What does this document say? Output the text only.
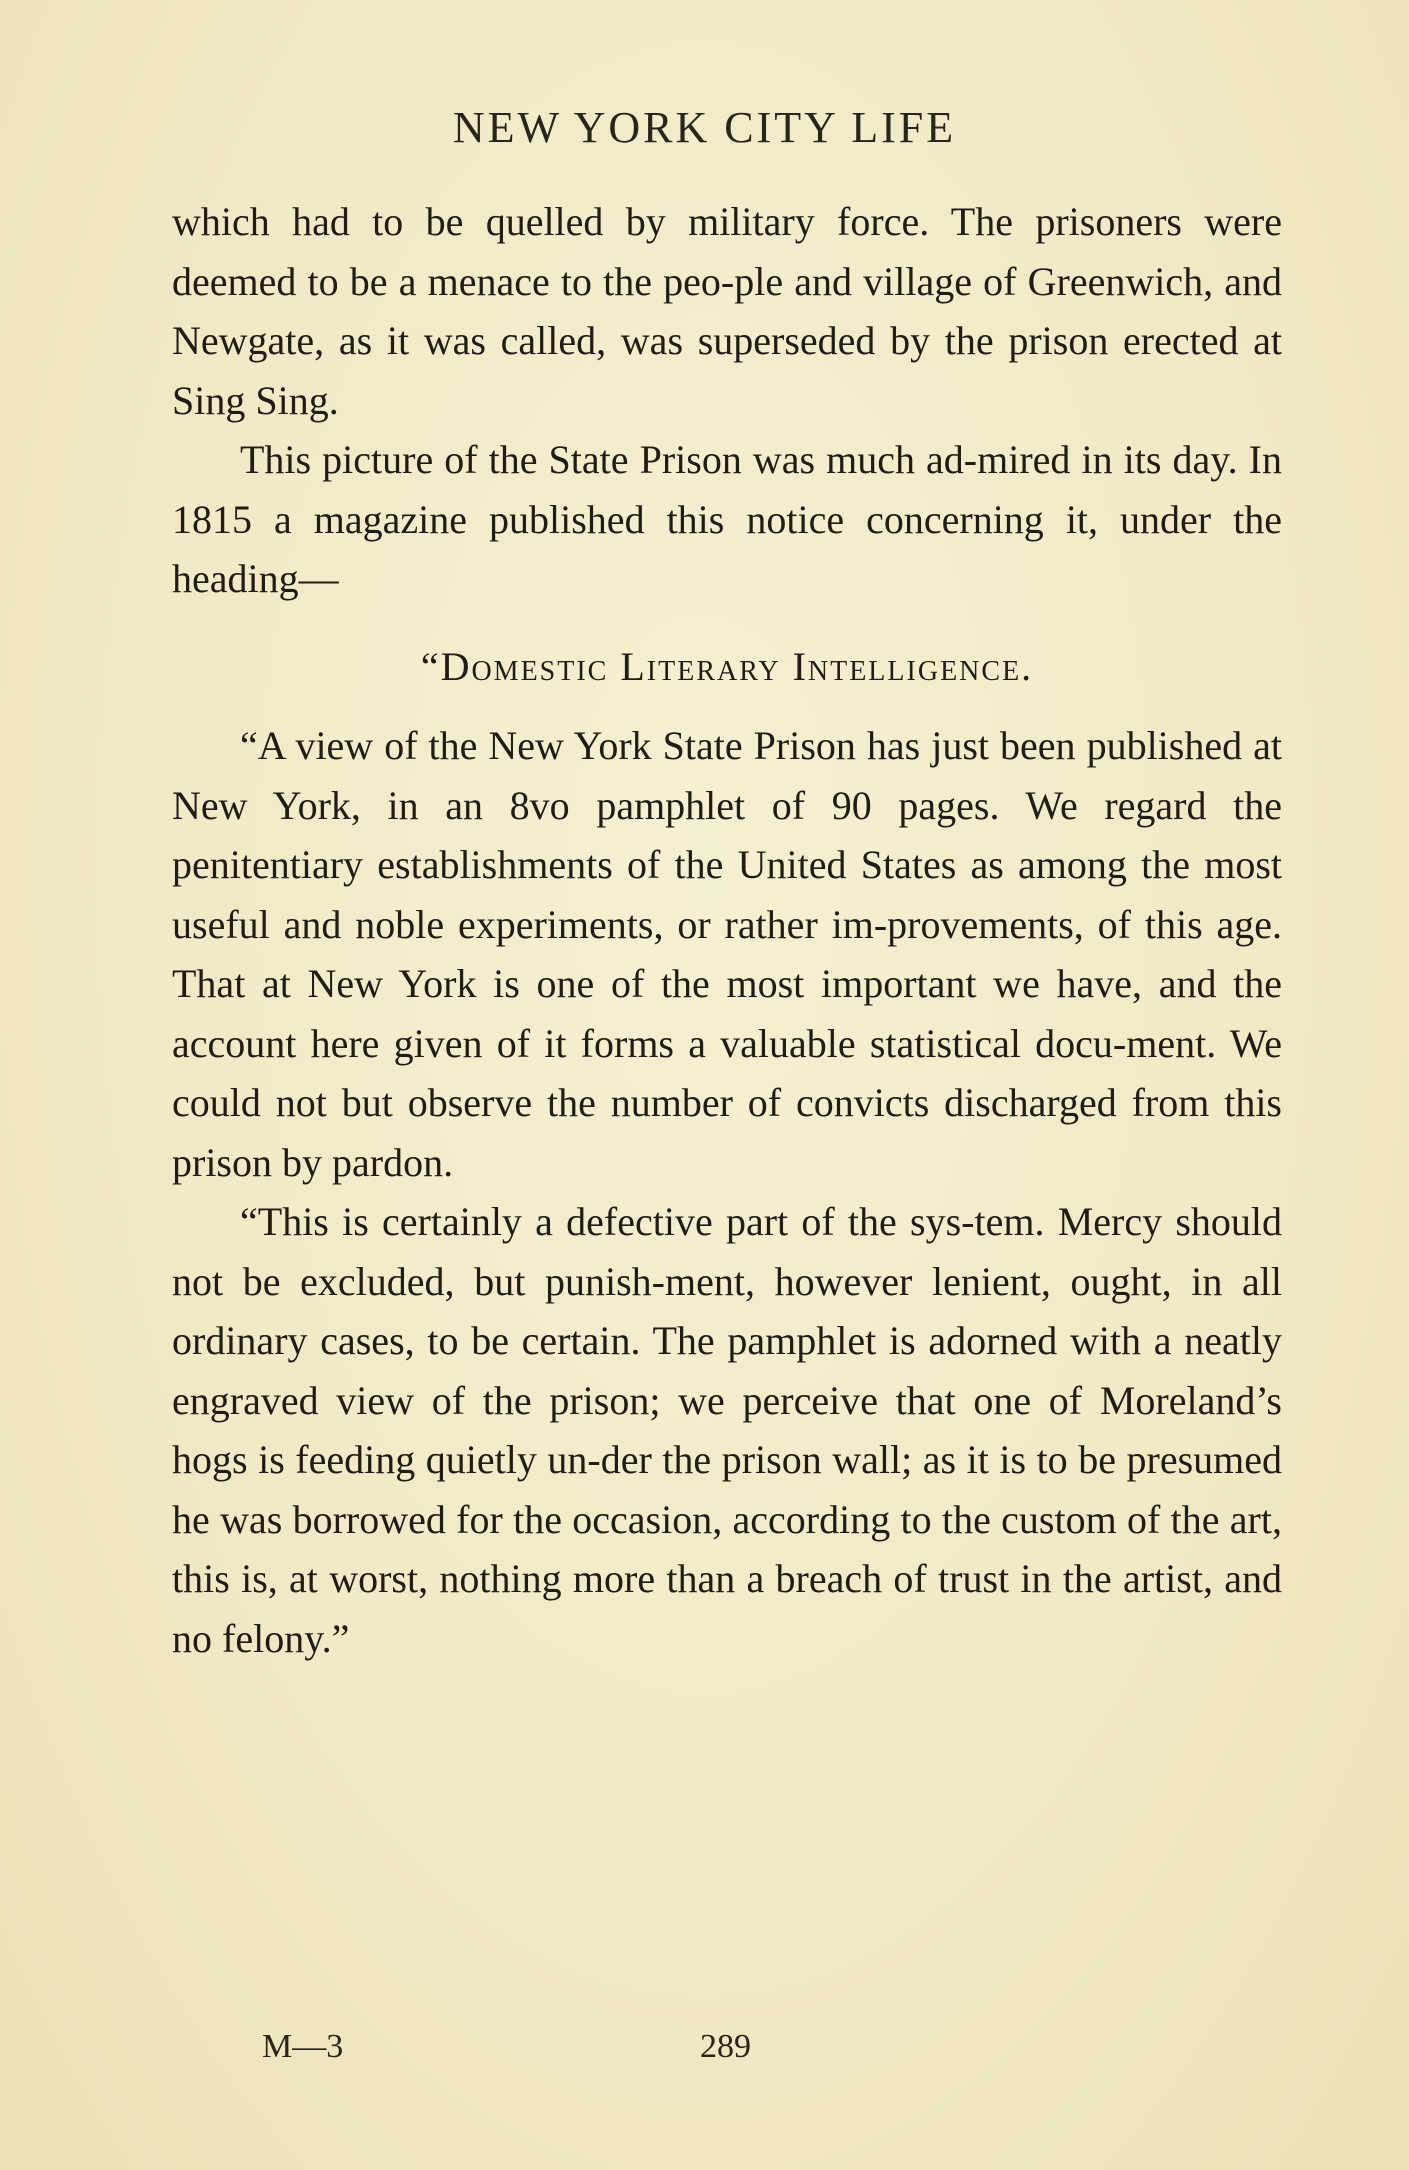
NEW YORK CITY LIFE

which had to be quelled by military force. The prisoners were deemed to be a menace to the peo-ple and village of Greenwich, and Newgate, as it was called, was superseded by the prison erected at Sing Sing.

This picture of the State Prison was much ad-mired in its day. In 1815 a magazine published this notice concerning it, under the heading—

“Domestic Literary Intelligence.

“A view of the New York State Prison has just been published at New York, in an 8vo pamphlet of 90 pages. We regard the penitentiary establishments of the United States as among the most useful and noble experiments, or rather im-provements, of this age. That at New York is one of the most important we have, and the account here given of it forms a valuable statistical docu-ment. We could not but observe the number of convicts discharged from this prison by pardon.

“This is certainly a defective part of the sys-tem. Mercy should not be excluded, but punish-ment, however lenient, ought, in all ordinary cases, to be certain. The pamphlet is adorned with a neatly engraved view of the prison; we perceive that one of Moreland’s hogs is feeding quietly un-der the prison wall; as it is to be presumed he was borrowed for the occasion, according to the custom of the art, this is, at worst, nothing more than a breach of trust in the artist, and no felony.”

M—3	289
